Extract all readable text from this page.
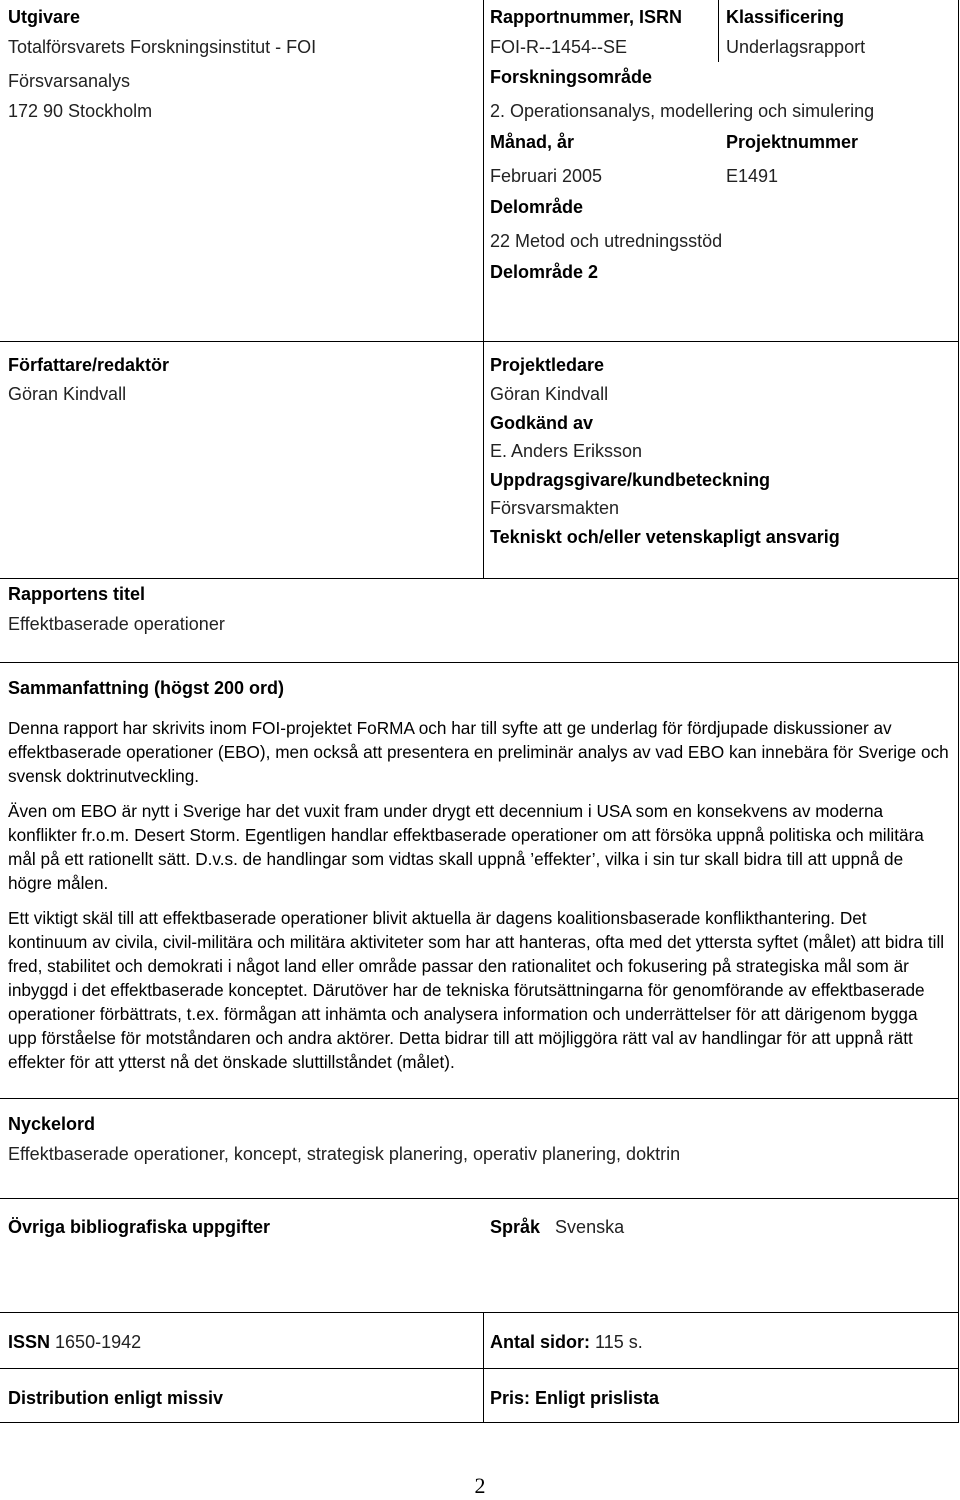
Utgivare
Totalförsvarets Forskningsinstitut - FOI
Försvarsanalys
172 90 Stockholm
Rapportnummer, ISRN
FOI-R--1454--SE
Klassificering
Underlagsrapport
Forskningsområde
2. Operationsanalys, modellering och simulering
Månad, år	Projektnummer
Februari 2005	E1491
Delområde
22 Metod och utredningsstöd
Delområde 2
Författare/redaktör
Göran Kindvall
Projektledare
Göran Kindvall
Godkänd av
E. Anders Eriksson
Uppdragsgivare/kundbeteckning
Försvarsmakten
Tekniskt och/eller vetenskapligt ansvarig
Rapportens titel
Effektbaserade operationer
Sammanfattning (högst 200 ord)

Denna rapport har skrivits inom FOI-projektet FoRMA och har till syfte att ge underlag för fördjupade diskussioner av effektbaserade operationer (EBO), men också att presentera en preliminär analys av vad EBO kan innebära för Sverige och svensk doktrinutveckling.

Även om EBO är nytt i Sverige har det vuxit fram under drygt ett decennium i USA som en konsekvens av moderna konflikter fr.o.m. Desert Storm. Egentligen handlar effektbaserade operationer om att försöka uppnå politiska och militära mål på ett rationellt sätt. D.v.s. de handlingar som vidtas skall uppnå ’effekter’, vilka i sin tur skall bidra till att uppnå de högre målen.

Ett viktigt skäl till att effektbaserade operationer blivit aktuella är dagens koalitionsbaserade konflikthantering. Det kontinuum av civila, civil-militära och militära aktiviteter som har att hanteras, ofta med det yttersta syftet (målet) att bidra till fred, stabilitet och demokrati i något land eller område passar den rationalitet och fokusering på strategiska mål som är inbyggd i det effektbaserade konceptet. Därutöver har de tekniska förutsättningarna för genomförande av effektbaserade operationer förbättrats, t.ex. förmågan att inhämta och analysera information och underrättelser för att därigenom bygga upp förståelse för motståndaren och andra aktörer. Detta bidrar till att möjliggöra rätt val av handlingar för att uppnå rätt effekter för att ytterst nå det önskade sluttillståndet (målet).

Nyckelord
Effektbaserade operationer, koncept, strategisk planering, operativ planering, doktrin
Övriga bibliografiska uppgifter	Språk Svenska
ISSN 1650-1942	Antal sidor: 115 s.
Distribution enligt missiv	Pris: Enligt prislista
2
